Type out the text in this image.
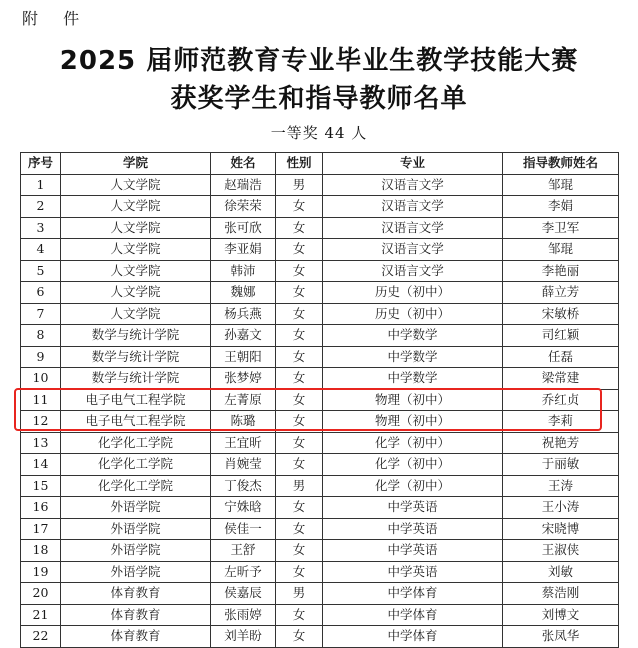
附 件
2025 届师范教育专业毕业生教学技能大赛
获奖学生和指导教师名单
一等奖 44 人
序号	学院	姓名	性别	专业	指导教师姓名
1	人文学院	赵瑞浩	男	汉语言文学	邹琨
2	人文学院	徐荣荣	女	汉语言文学	李娟
3	人文学院	张可欣	女	汉语言文学	李卫军
4	人文学院	李亚娟	女	汉语言文学	邹琨
5	人文学院	韩沛	女	汉语言文学	李艳丽
6	人文学院	魏娜	女	历史（初中）	薛立芳
7	人文学院	杨兵燕	女	历史（初中）	宋敏桥
8	数学与统计学院	孙嘉文	女	中学数学	司红颖
9	数学与统计学院	王朝阳	女	中学数学	任磊
10	数学与统计学院	张梦婷	女	中学数学	梁常建
11	电子电气工程学院	左菁原	女	物理（初中）	乔红贞
12	电子电气工程学院	陈璐	女	物理（初中）	李莉
13	化学化工学院	王宜昕	女	化学（初中）	祝艳芳
14	化学化工学院	肖婉莹	女	化学（初中）	于丽敏
15	化学化工学院	丁俊杰	男	化学（初中）	王涛
16	外语学院	宁姝晗	女	中学英语	王小涛
17	外语学院	侯佳一	女	中学英语	宋晓博
18	外语学院	王舒	女	中学英语	王淑侠
19	外语学院	左昕予	女	中学英语	刘敏
20	体育教育	侯嘉辰	男	中学体育	蔡浩刚
21	体育教育	张雨婷	女	中学体育	刘博文
22	体育教育	刘羊盼	女	中学体育	张凤华
